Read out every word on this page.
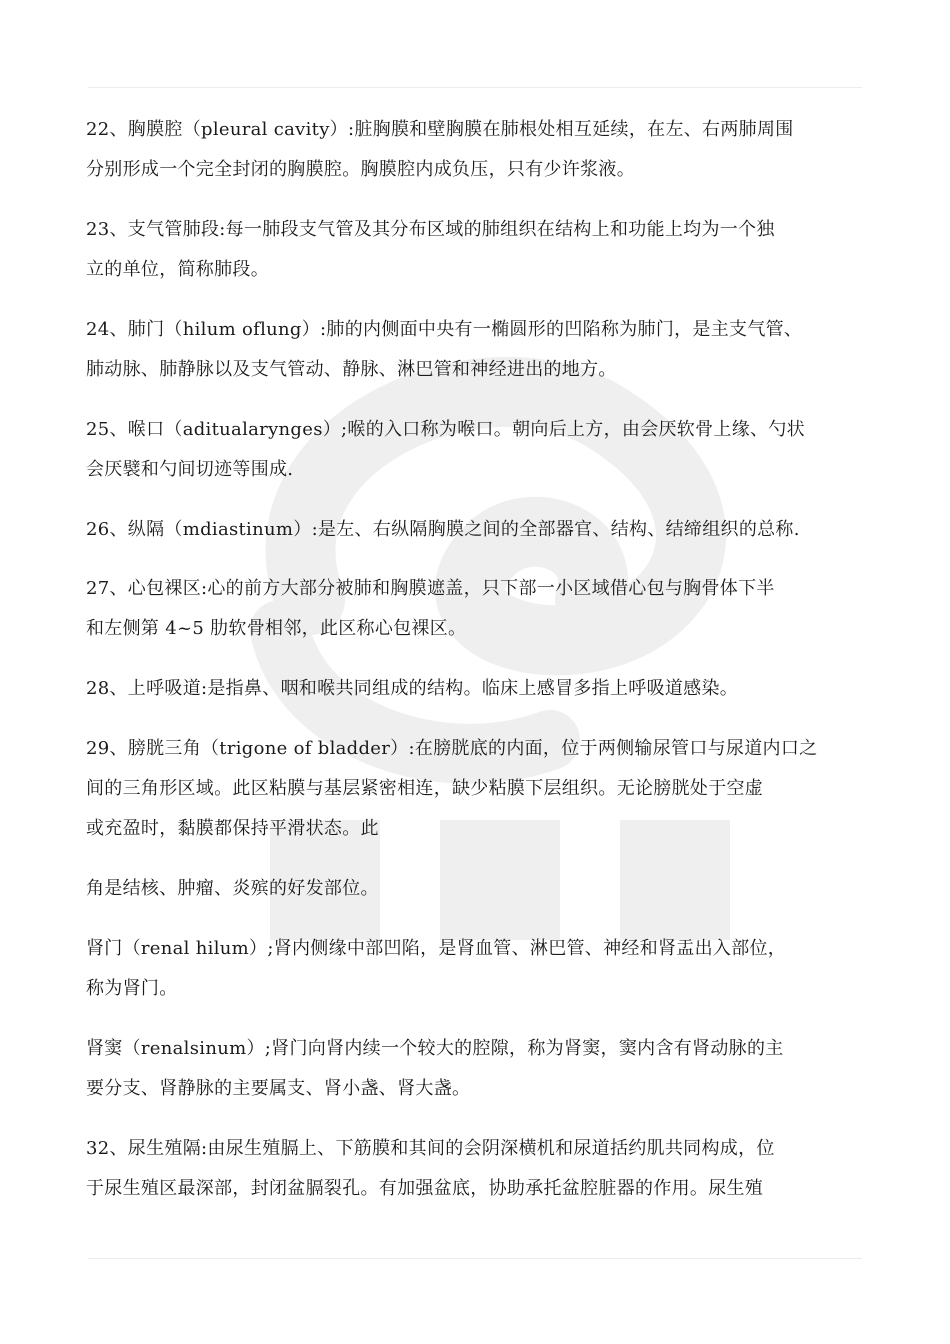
22、胸膜腔（pleural cavity）:脏胸膜和壁胸膜在肺根处相互延续，在左、右两肺周围
分别形成一个完全封闭的胸膜腔。胸膜腔内成负压，只有少许浆液。
23、支气管肺段:每一肺段支气管及其分布区域的肺组织在结构上和功能上均为一个独
立的单位，简称肺段。
24、肺门（hilum oflung）:肺的内侧面中央有一椭圆形的凹陷称为肺门，是主支气管、
肺动脉、肺静脉以及支气管动、静脉、淋巴管和神经进出的地方。
25、喉口（aditualarynges）;喉的入口称为喉口。朝向后上方，由会厌软骨上缘、勺状
会厌襞和勺间切迹等围成.
26、纵隔（mdiastinum）:是左、右纵隔胸膜之间的全部器官、结构、结缔组织的总称.
27、心包裸区:心的前方大部分被肺和胸膜遮盖，只下部一小区域借心包与胸骨体下半
和左侧第 4~5 肋软骨相邻，此区称心包裸区。
28、上呼吸道:是指鼻、咽和喉共同组成的结构。临床上感冒多指上呼吸道感染。
29、膀胱三角（trigone of bladder）:在膀胱底的内面，位于两侧输尿管口与尿道内口之
间的三角形区域。此区粘膜与基层紧密相连，缺少粘膜下层组织。无论膀胱处于空虚
或充盈时，黏膜都保持平滑状态。此
角是结核、肿瘤、炎殡的好发部位。
肾门（renal hilum）;肾内侧缘中部凹陷，是肾血管、淋巴管、神经和肾盂出入部位，
称为肾门。
肾窦（renalsinum）;肾门向肾内续一个较大的腔隙，称为肾窦，窦内含有肾动脉的主
要分支、肾静脉的主要属支、肾小盏、肾大盏。
32、尿生殖隔:由尿生殖膈上、下筋膜和其间的会阴深横机和尿道括约肌共同构成，位
于尿生殖区最深部，封闭盆膈裂孔。有加强盆底，协助承托盆腔脏器的作用。尿生殖
